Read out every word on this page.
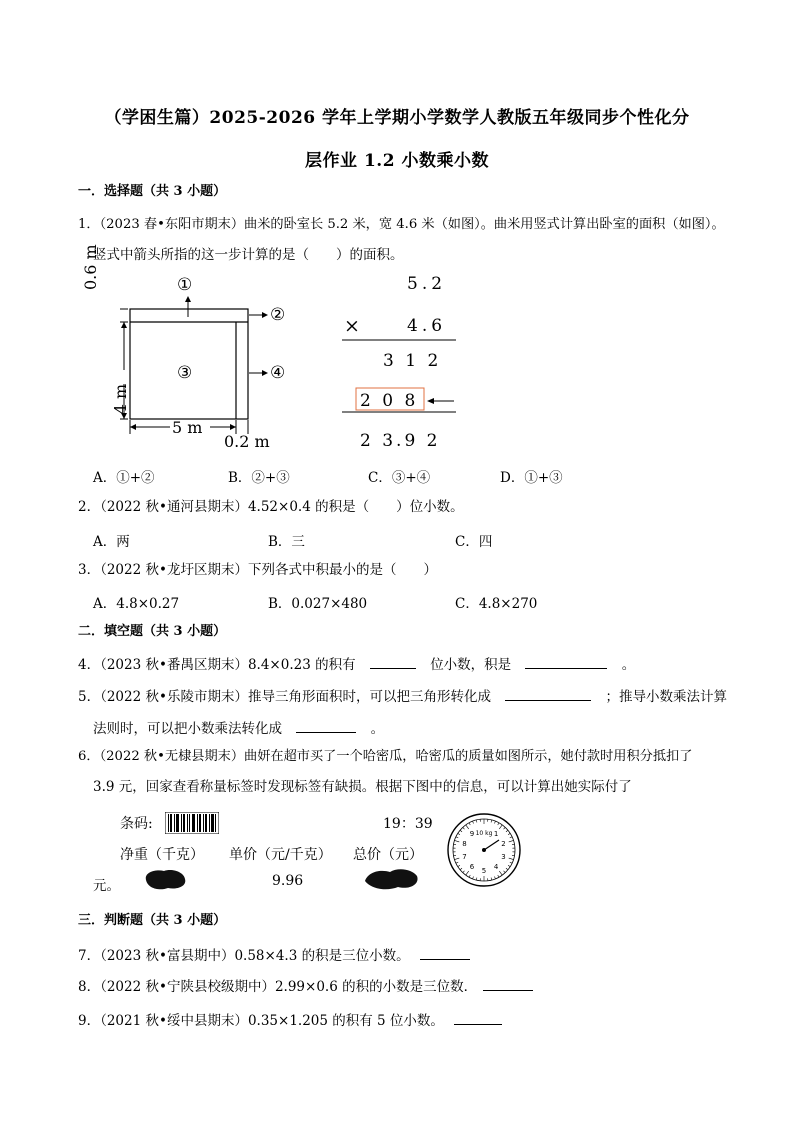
（学困生篇）2025-2026 学年上学期小学数学人教版五年级同步个性化分
层作业 1.2 小数乘小数
一．选择题（共 3 小题）
1．（2023 春•东阳市期末）曲米的卧室长 5.2 米，宽 4.6 米（如图）。曲米用竖式计算出卧室的面积（如图）。
竖式中箭头所指的这一步计算的是（　　）的面积。
0.6 m
4 m
5 m
0.2 m
①
②
③	④
5.2
×	4.6
3 1 2
2 0 8
2 3.9 2
A．①+②	B．②+③	C．③+④	D．①+③
2．（2022 秋•通河县期末）4.52×0.4 的积是（　　）位小数。
A．两	B．三	C．四
3．（2022 秋•龙圩区期末）下列各式中积最小的是（　　）
A．4.8×0.27	B．0.027×480	C．4.8×270
二．填空题（共 3 小题）
4．（2023 秋•番禺区期末）8.4×0.23 的积有	位小数，积是	。
5．（2022 秋•乐陵市期末）推导三角形面积时，可以把三角形转化成	；推导小数乘法计算
法则时，可以把小数乘法转化成	。
6．（2022 秋•无棣县期末）曲妍在超市买了一个哈密瓜，哈密瓜的质量如图所示，她付款时用积分抵扣了
3.9 元，回家查看称量标签时发现标签有缺损。根据下图中的信息，可以计算出她实际付了
条码:	19：39
净重（千克） 单价（元/千克） 总价（元）
9.96
元。
1
2
3
4
5
6
7
8
9 10 kg
三．判断题（共 3 小题）
7．（2023 秋•富县期中）0.58×4.3 的积是三位小数。
8．（2022 秋•宁陕县校级期中）2.99×0.6 的积的小数是三位数．
9．（2021 秋•绥中县期末）0.35×1.205 的积有 5 位小数。
